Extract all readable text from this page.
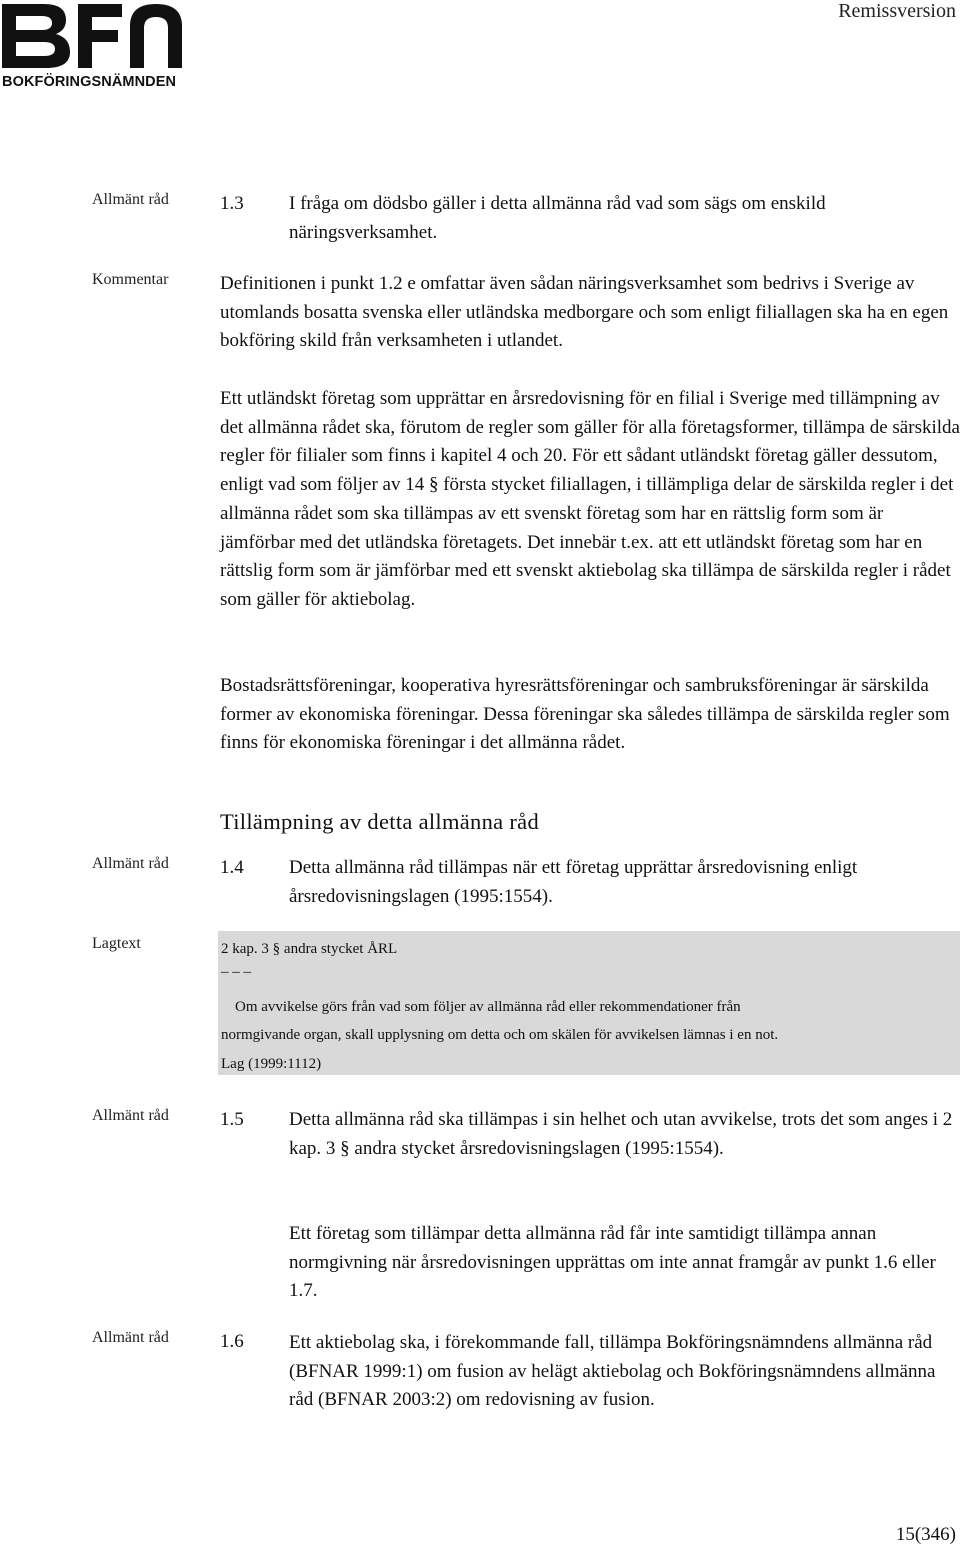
BOKFÖRINGSNÄMNDEN
Remissversion
Allmänt råd	1.3 I fråga om dödsbo gäller i detta allmänna råd vad som sägs om enskild näringsverksamhet.
Kommentar	Definitionen i punkt 1.2 e omfattar även sådan näringsverksamhet som bedrivs i Sverige av utomlands bosatta svenska eller utländska medborgare och som enligt filiallagen ska ha en egen bokföring skild från verksamheten i utlandet.
Ett utländskt företag som upprättar en årsredovisning för en filial i Sverige med tillämpning av det allmänna rådet ska, förutom de regler som gäller för alla företagsformer, tillämpa de särskilda regler för filialer som finns i kapitel 4 och 20. För ett sådant utländskt företag gäller dessutom, enligt vad som följer av 14 § första stycket filiallagen, i tillämpliga delar de särskilda regler i det allmänna rådet som ska tillämpas av ett svenskt företag som har en rättslig form som är jämförbar med det utländska företagets. Det innebär t.ex. att ett utländskt företag som har en rättslig form som är jämförbar med ett svenskt aktiebolag ska tillämpa de särskilda regler i rådet som gäller för aktiebolag.
Bostadsrättsföreningar, kooperativa hyresrättsföreningar och sambruksföreningar är särskilda former av ekonomiska föreningar. Dessa föreningar ska således tillämpa de särskilda regler som finns för ekonomiska föreningar i det allmänna rådet.
Tillämpning av detta allmänna råd
Allmänt råd	1.4 Detta allmänna råd tillämpas när ett företag upprättar årsredovisning enligt årsredovisningslagen (1995:1554).
Lagtext	2 kap. 3 § andra stycket ÅRL
_ _ _
Om avvikelse görs från vad som följer av allmänna råd eller rekommendationer från
normgivande organ, skall upplysning om detta och om skälen för avvikelsen lämnas i en not.
Lag (1999:1112)
Allmänt råd	1.5 Detta allmänna råd ska tillämpas i sin helhet och utan avvikelse, trots det som anges i 2 kap. 3 § andra stycket årsredovisningslagen (1995:1554).
Ett företag som tillämpar detta allmänna råd får inte samtidigt tillämpa annan normgivning när årsredovisningen upprättas om inte annat framgår av punkt 1.6 eller 1.7.
Allmänt råd	1.6 Ett aktiebolag ska, i förekommande fall, tillämpa Bokföringsnämndens allmänna råd (BFNAR 1999:1) om fusion av helägt aktiebolag och Bokföringsnämndens allmänna råd (BFNAR 2003:2) om redovisning av fusion.
15(346)
